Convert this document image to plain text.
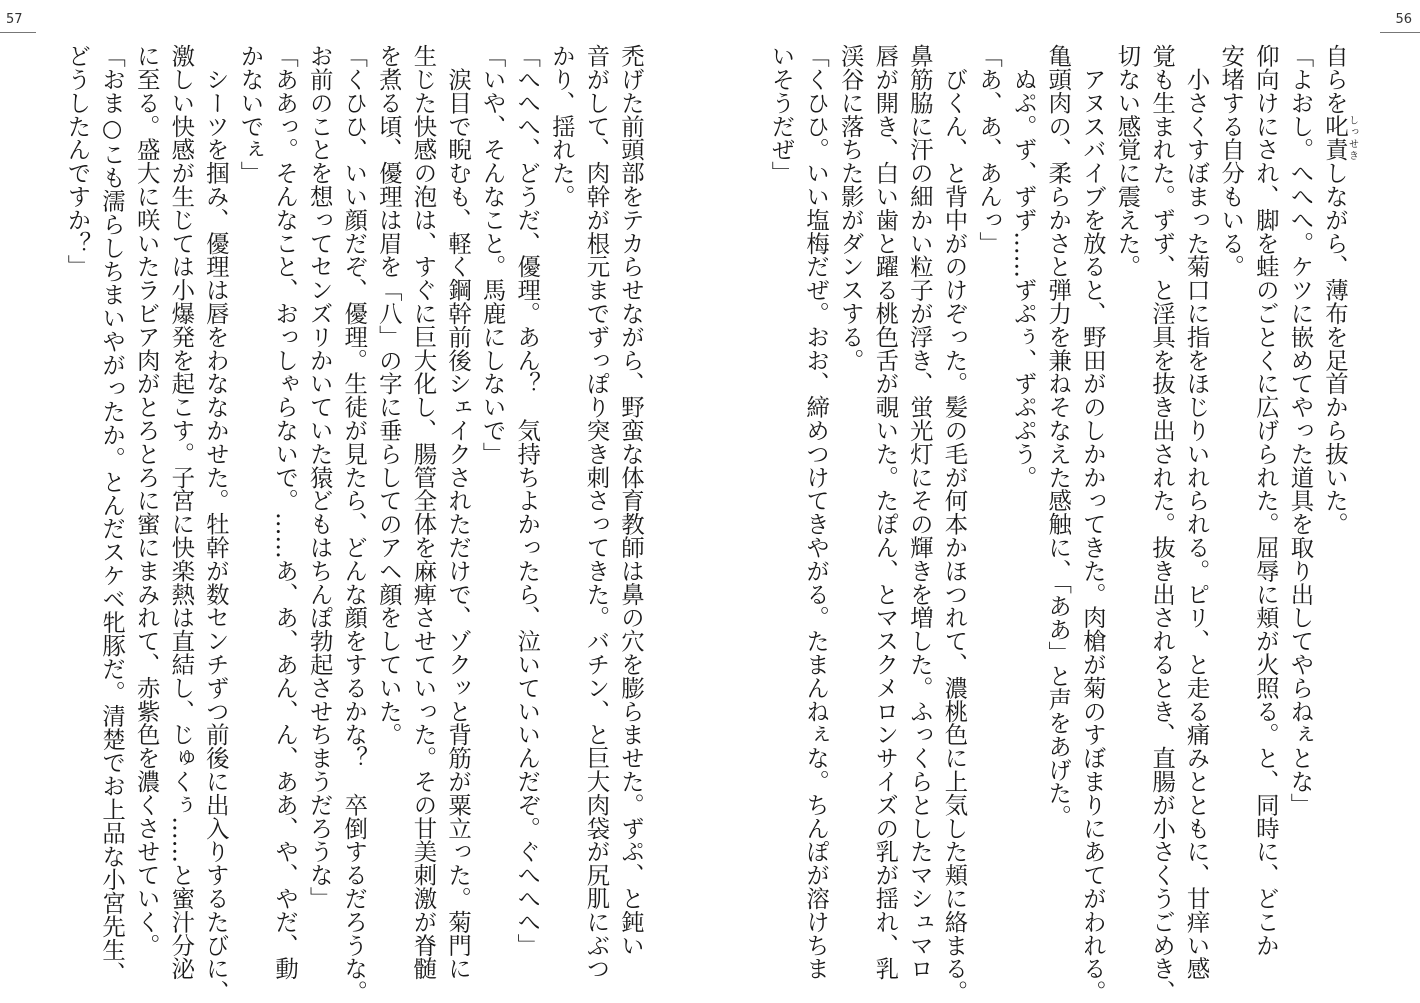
57	56
自らを叱責しっせきしながら、薄布を足首から抜いた。
「よおし。へへへ。ケツに嵌めてやった道具を取り出してやらねぇとな」
仰向けにされ、脚を蛙のごとくに広げられた。屈辱に頬が火照る。と、同時に、どこか
安堵する自分もいる。
　小さくすぼまった菊口に指をほじりいれられる。ピリ、と走る痛みとともに、甘痒い感
覚も生まれた。ずず、と淫具を抜き出された。抜き出されるとき、直腸が小さくうごめき、
切ない感覚に震えた。
　アヌスバイブを放ると、野田がのしかかってきた。肉槍が菊のすぼまりにあてがわれる。
亀頭肉の、柔らかさと弾力を兼ねそなえた感触に、「ああ」と声をあげた。
　ぬぷ。ず、ずず……ずぷぅ、ずぷぷう。
「あ、あ、あんっ」
　びくん、と背中がのけぞった。髪の毛が何本かほつれて、濃桃色に上気した頬に絡まる。
鼻筋脇に汗の細かい粒子が浮き、蛍光灯にその輝きを増した。ふっくらとしたマシュマロ
唇が開き、白い歯と躍る桃色舌が覗いた。たぽん、とマスクメロンサイズの乳が揺れ、乳
渓谷に落ちた影がダンスする。
「くひひ。いい塩梅だぜ。おお、締めつけてきやがる。たまんねぇな。ちんぽが溶けちま
いそうだぜ」
禿げた前頭部をテカらせながら、野蛮な体育教師は鼻の穴を膨らませた。ずぷ、と鈍い
音がして、肉幹が根元までずっぽり突き刺さってきた。バチン、と巨大肉袋が尻肌にぶつ
かり、揺れた。
「へへへ、どうだ、優理。あん？　気持ちよかったら、泣いていいんだぞ。ぐへへへ」
「いや、そんなこと。馬鹿にしないで」
　涙目で睨むも、軽く鋼幹前後シェイクされただけで、ゾクッと背筋が粟立った。菊門に
生じた快感の泡は、すぐに巨大化し、腸管全体を麻痺させていった。その甘美刺激が脊髄
を煮る頃、優理は眉を「八」の字に垂らしてのアヘ顔をしていた。
「くひひ、いい顔だぞ、優理。生徒が見たら、どんな顔をするかな？　卒倒するだろうな。
お前のことを想ってセンズリかいていた猿どもはちんぽ勃起させちまうだろうな」
「ああっ。そんなこと、おっしゃらないで。……あ、あ、あん、ん、ああ、や、やだ、動
かないでぇ」
　シーツを掴み、優理は唇をわななかせた。牡幹が数センチずつ前後に出入りするたびに、
激しい快感が生じては小爆発を起こす。子宮に快楽熱は直結し、じゅくぅ……と蜜汁分泌
に至る。盛大に咲いたラビア肉がとろとろに蜜にまみれて、赤紫色を濃くさせていく。
「おま○こも濡らしちまいやがったか。とんだスケベ牝豚だ。清楚でお上品な小宮先生、
どうしたんですか？」
